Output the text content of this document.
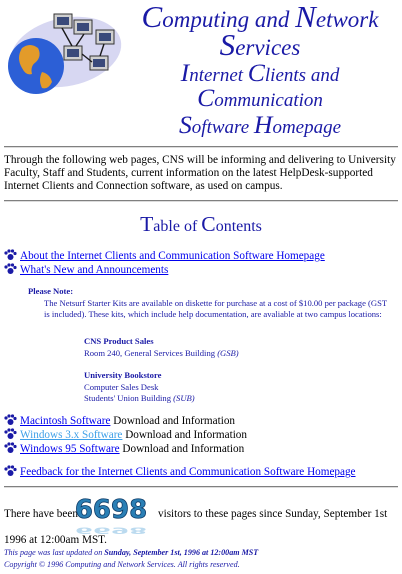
Computing and Network
Services
Internet Clients and Communication
Software Homepage
Through the following web pages, CNS will be informing and delivering to University Faculty, Staff and Students, current information on the latest HelpDesk-supported Internet Clients and Connection software, as used on campus.
Table of Contents
About the Internet Clients and Communication Software Homepage
What's New and Announcements
Please Note:
The Netsurf Starter Kits are available on diskette for purchase at a cost of $10.00 per package (GST is included). These kits, which include help documentation, are avaliable at two campus locations:
CNS Product Sales
Room 240, General Services Building (GSB)
University Bookstore
Computer Sales Desk
Students' Union Building (SUB)
Macintosh Software Download and Information
Windows 3.x Software Download and Information
Windows 95 Software Download and Information
Feedback for the Internet Clients and Communication Software Homepage
There have been
6698
6698
visitors to these pages since Sunday, September 1st
1996 at 12:00am MST.
This page was last updated on Sunday, September 1st, 1996 at 12:00am MST
Copyright © 1996 Computing and Network Services. All rights reserved.
